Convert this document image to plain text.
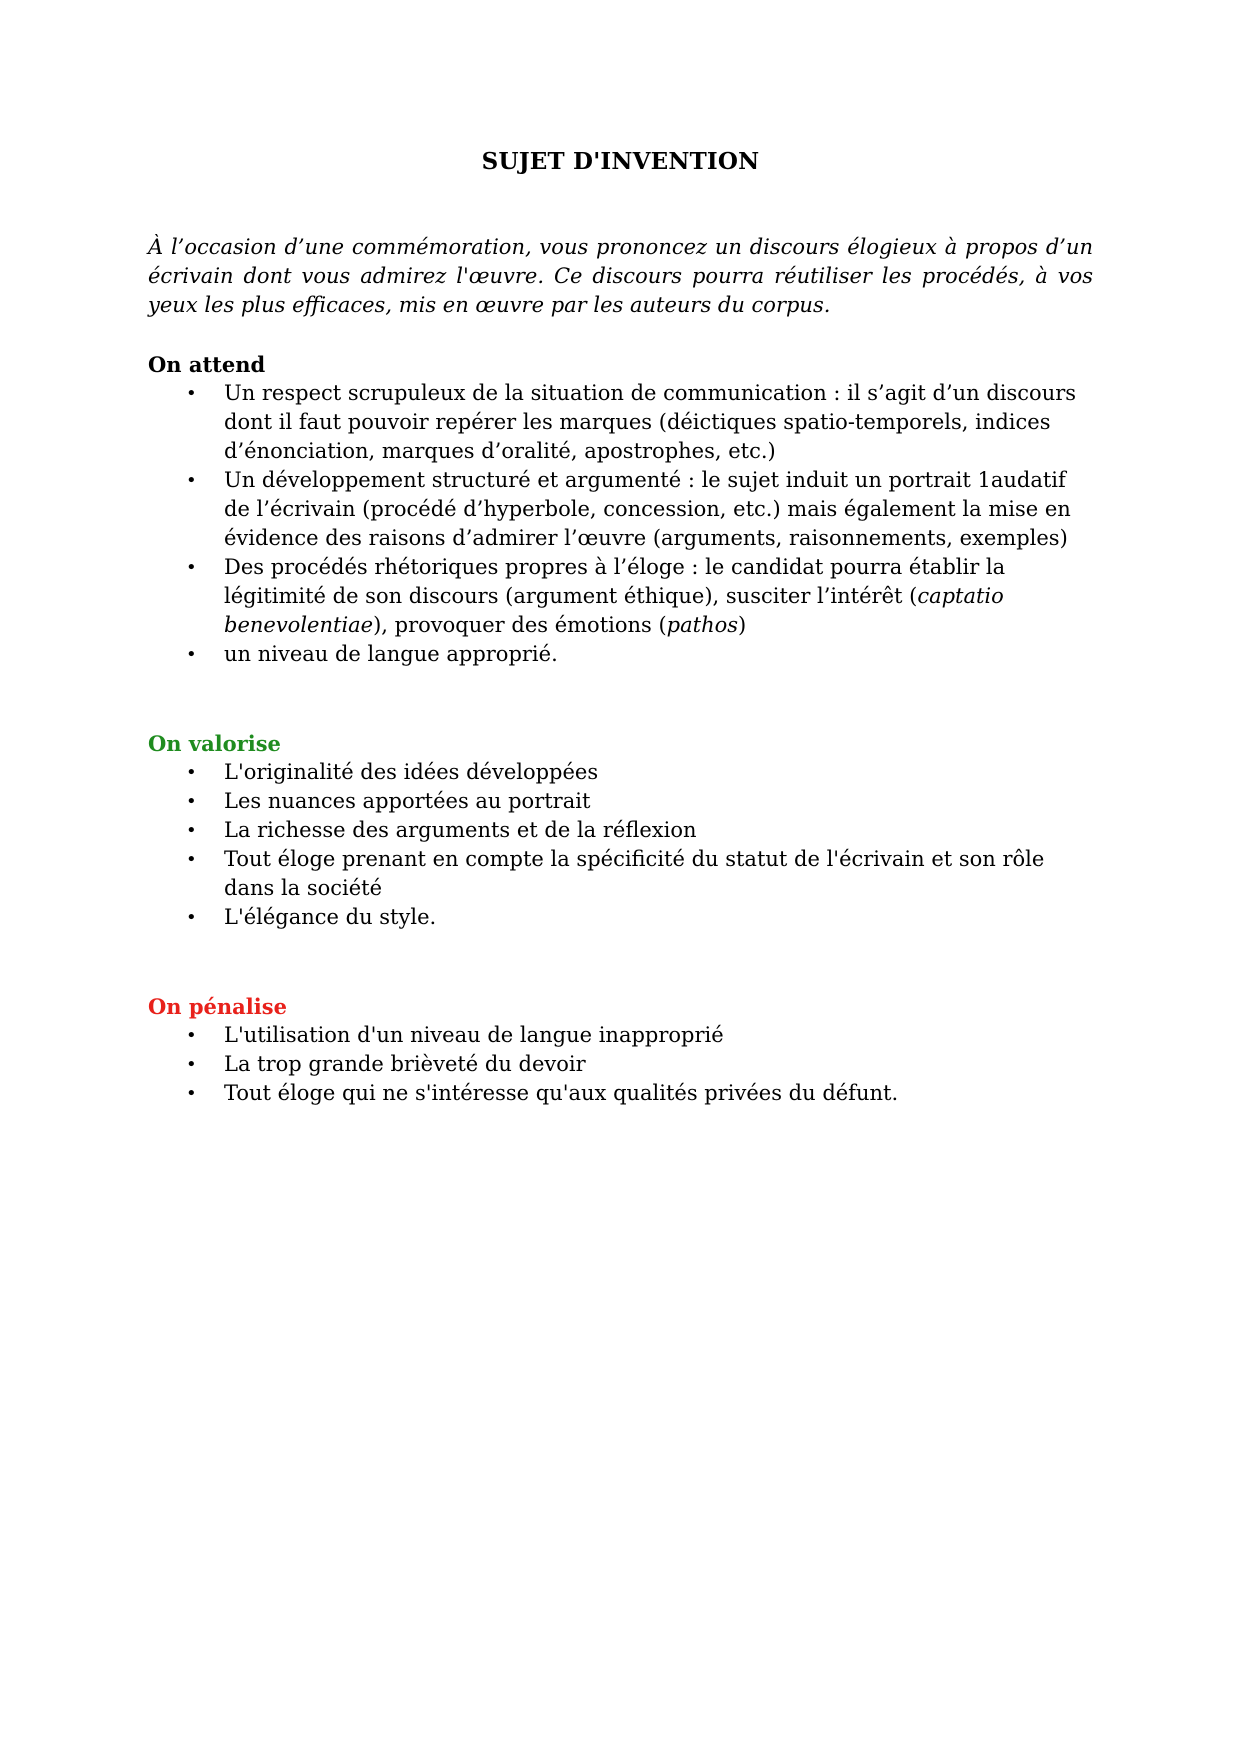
SUJET D'INVENTION

À l’occasion d’une commémoration, vous prononcez un discours élogieux à propos d’un écrivain dont vous admirez l'œuvre. Ce discours pourra réutiliser les procédés, à vos yeux les plus efficaces, mis en œuvre par les auteurs du corpus.

On attend
• Un respect scrupuleux de la situation de communication : il s’agit d’un discours dont il faut pouvoir repérer les marques (déictiques spatio-temporels, indices d’énonciation, marques d’oralité, apostrophes, etc.)
• Un développement structuré et argumenté : le sujet induit un portrait 1audatif de l’écrivain (procédé d’hyperbole, concession, etc.) mais également la mise en évidence des raisons d’admirer l’œuvre (arguments, raisonnements, exemples)
• Des procédés rhétoriques propres à l’éloge : le candidat pourra établir la légitimité de son discours (argument éthique), susciter l’intérêt (captatio benevolentiae), provoquer des émotions (pathos)
• un niveau de langue approprié.
On valorise
• L'originalité des idées développées
• Les nuances apportées au portrait
• La richesse des arguments et de la réflexion
• Tout éloge prenant en compte la spécificité du statut de l'écrivain et son rôle dans la société
• L'élégance du style.
On pénalise
• L'utilisation d'un niveau de langue inapproprié
• La trop grande brièveté du devoir
• Tout éloge qui ne s'intéresse qu'aux qualités privées du défunt.
